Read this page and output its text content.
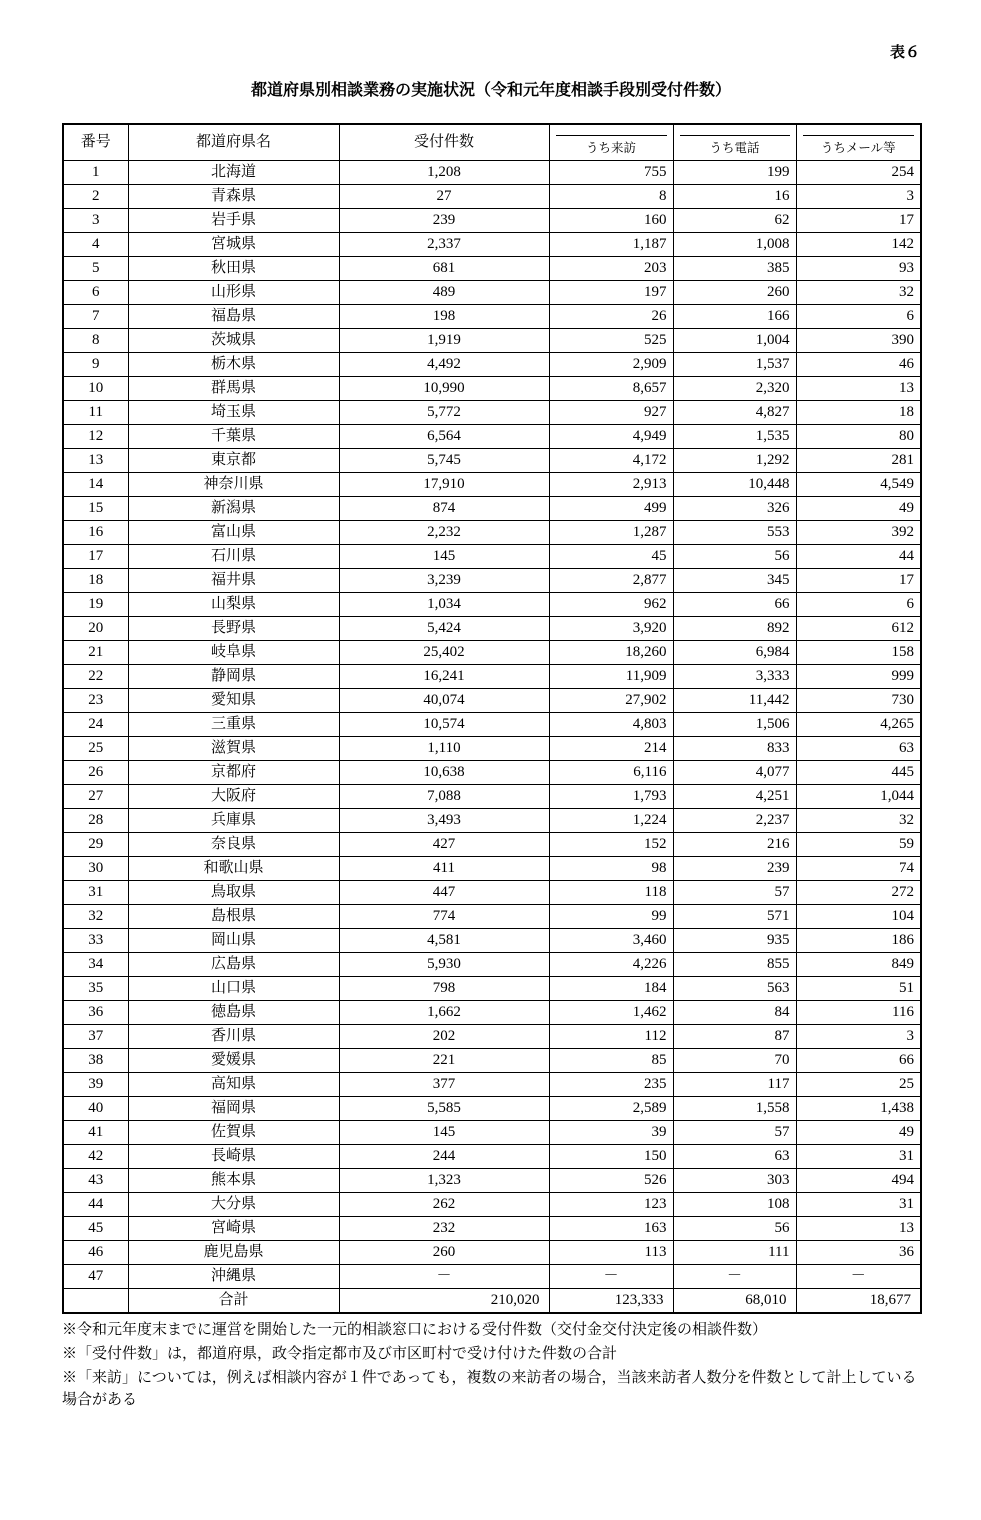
表６
都道府県別相談業務の実施状況（令和元年度相談手段別受付件数）
番号	都道府県名	受付件数	うち来訪	うち電話	うちメール等

1	北海道	1,208	755	199	254
2	青森県	27	8	16	3
3	岩手県	239	160	62	17
4	宮城県	2,337	1,187	1,008	142
5	秋田県	681	203	385	93
6	山形県	489	197	260	32
7	福島県	198	26	166	6
8	茨城県	1,919	525	1,004	390
9	栃木県	4,492	2,909	1,537	46
10	群馬県	10,990	8,657	2,320	13
11	埼玉県	5,772	927	4,827	18
12	千葉県	6,564	4,949	1,535	80
13	東京都	5,745	4,172	1,292	281
14	神奈川県	17,910	2,913	10,448	4,549
15	新潟県	874	499	326	49
16	富山県	2,232	1,287	553	392
17	石川県	145	45	56	44
18	福井県	3,239	2,877	345	17
19	山梨県	1,034	962	66	6
20	長野県	5,424	3,920	892	612
21	岐阜県	25,402	18,260	6,984	158
22	静岡県	16,241	11,909	3,333	999
23	愛知県	40,074	27,902	11,442	730
24	三重県	10,574	4,803	1,506	4,265
25	滋賀県	1,110	214	833	63
26	京都府	10,638	6,116	4,077	445
27	大阪府	7,088	1,793	4,251	1,044
28	兵庫県	3,493	1,224	2,237	32
29	奈良県	427	152	216	59
30	和歌山県	411	98	239	74
31	鳥取県	447	118	57	272
32	島根県	774	99	571	104
33	岡山県	4,581	3,460	935	186
34	広島県	5,930	4,226	855	849
35	山口県	798	184	563	51
36	徳島県	1,662	1,462	84	116
37	香川県	202	112	87	3
38	愛媛県	221	85	70	66
39	高知県	377	235	117	25
40	福岡県	5,585	2,589	1,558	1,438
41	佐賀県	145	39	57	49
42	長崎県	244	150	63	31
43	熊本県	1,323	526	303	494
44	大分県	262	123	108	31
45	宮崎県	232	163	56	13
46	鹿児島県	260	113	111	36
47	沖縄県	－	－	－	－
	合計	210,020	123,333	68,010	18,677

※令和元年度末までに運営を開始した一元的相談窓口における受付件数（交付金交付決定後の相談件数）

※「受付件数」は，都道府県，政令指定都市及び市区町村で受け付けた件数の合計

※「来訪」については，例えば相談内容が１件であっても，複数の来訪者の場合，当該来訪者人数分を件数として計上している場合がある
